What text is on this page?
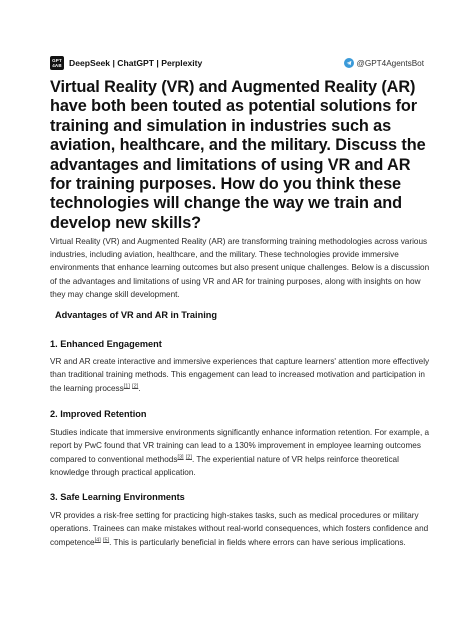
GPT
4AB DeepSeek | ChatGPT | Perplexity	@GPT4AgentsBot
Virtual Reality (VR) and Augmented Reality (AR) have both been touted as potential solutions for training and simulation in industries such as aviation, healthcare, and the military. Discuss the advantages and limitations of using VR and AR for training purposes. How do you think these technologies will change the way we train and develop new skills?

Virtual Reality (VR) and Augmented Reality (AR) are transforming training methodologies across various industries, including aviation, healthcare, and the military. These technologies provide immersive environments that enhance learning outcomes but also present unique challenges. Below is a discussion of the advantages and limitations of using VR and AR for training purposes, along with insights on how they may change skill development.

Advantages of VR and AR in Training
1. Enhanced Engagement

VR and AR create interactive and immersive experiences that capture learners' attention more effectively than traditional training methods. This engagement can lead to increased motivation and participation in the learning process[1] [2].

2. Improved Retention

Studies indicate that immersive environments significantly enhance information retention. For example, a report by PwC found that VR training can lead to a 130% improvement in employee learning outcomes compared to conventional methods[3] [2]. The experiential nature of VR helps reinforce theoretical knowledge through practical application.

3. Safe Learning Environments

VR provides a risk-free setting for practicing high-stakes tasks, such as medical procedures or military operations. Trainees can make mistakes without real-world consequences, which fosters confidence and competence[4] [5]. This is particularly beneficial in fields where errors can have serious implications.
